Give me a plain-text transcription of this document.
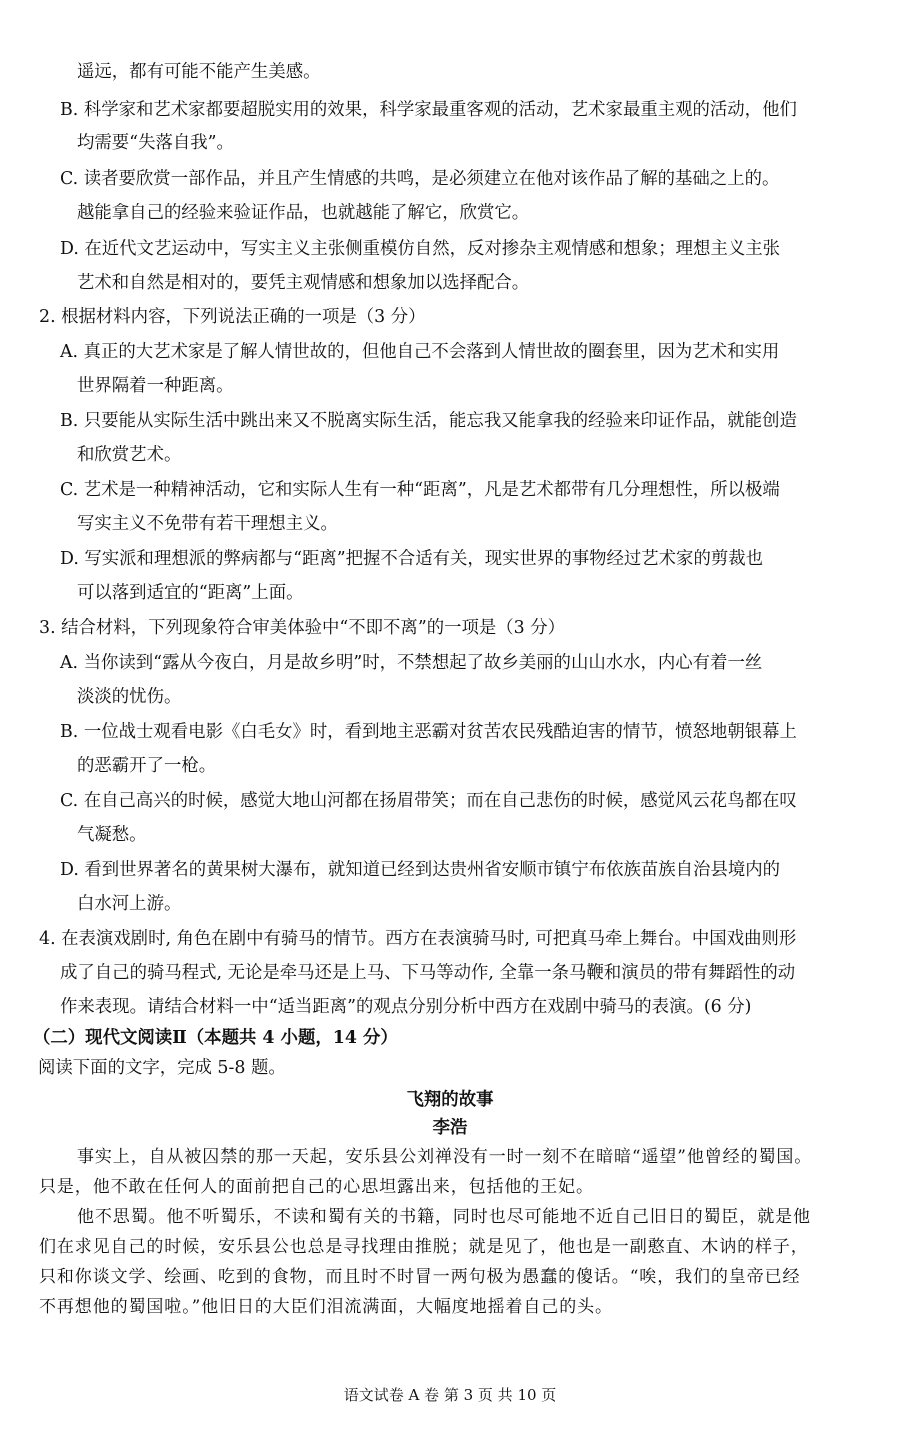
遥远，都有可能不能产生美感。
B. 科学家和艺术家都要超脱实用的效果，科学家最重客观的活动，艺术家最重主观的活动，他们
均需要“失落自我”。
C. 读者要欣赏一部作品，并且产生情感的共鸣，是必须建立在他对该作品了解的基础之上的。
越能拿自己的经验来验证作品，也就越能了解它，欣赏它。
D. 在近代文艺运动中，写实主义主张侧重模仿自然，反对掺杂主观情感和想象；理想主义主张
艺术和自然是相对的，要凭主观情感和想象加以选择配合。
2. 根据材料内容，下列说法正确的一项是（3 分）
A. 真正的大艺术家是了解人情世故的，但他自己不会落到人情世故的圈套里，因为艺术和实用
世界隔着一种距离。
B. 只要能从实际生活中跳出来又不脱离实际生活，能忘我又能拿我的经验来印证作品，就能创造
和欣赏艺术。
C. 艺术是一种精神活动，它和实际人生有一种“距离”，凡是艺术都带有几分理想性，所以极端
写实主义不免带有若干理想主义。
D. 写实派和理想派的弊病都与“距离”把握不合适有关，现实世界的事物经过艺术家的剪裁也
可以落到适宜的“距离”上面。
3. 结合材料，下列现象符合审美体验中“不即不离”的一项是（3 分）
A. 当你读到“露从今夜白，月是故乡明”时，不禁想起了故乡美丽的山山水水，内心有着一丝
淡淡的忧伤。
B. 一位战士观看电影《白毛女》时，看到地主恶霸对贫苦农民残酷迫害的情节，愤怒地朝银幕上
的恶霸开了一枪。
C. 在自己高兴的时候，感觉大地山河都在扬眉带笑；而在自己悲伤的时候，感觉风云花鸟都在叹
气凝愁。
D. 看到世界著名的黄果树大瀑布，就知道已经到达贵州省安顺市镇宁布依族苗族自治县境内的
白水河上游。
4. 在表演戏剧时, 角色在剧中有骑马的情节。西方在表演骑马时, 可把真马牵上舞台。中国戏曲则形
成了自己的骑马程式, 无论是牵马还是上马、下马等动作, 全靠一条马鞭和演员的带有舞蹈性的动
作来表现。请结合材料一中“适当距离”的观点分别分析中西方在戏剧中骑马的表演。(6 分)
（二）现代文阅读Ⅱ（本题共 4 小题，14 分）
阅读下面的文字，完成 5-8 题。
飞翔的故事
李浩
事实上，自从被囚禁的那一天起，安乐县公刘禅没有一时一刻不在暗暗“遥望”他曾经的蜀国。
只是，他不敢在任何人的面前把自己的心思坦露出来，包括他的王妃。
他不思蜀。他不听蜀乐，不读和蜀有关的书籍，同时也尽可能地不近自己旧日的蜀臣，就是他
们在求见自己的时候，安乐县公也总是寻找理由推脱；就是见了，他也是一副憨直、木讷的样子，
只和你谈文学、绘画、吃到的食物，而且时不时冒一两句极为愚蠢的傻话。“唉，我们的皇帝已经
不再想他的蜀国啦。”他旧日的大臣们泪流满面，大幅度地摇着自己的头。
语文试卷 A 卷 第 3 页 共 10 页
